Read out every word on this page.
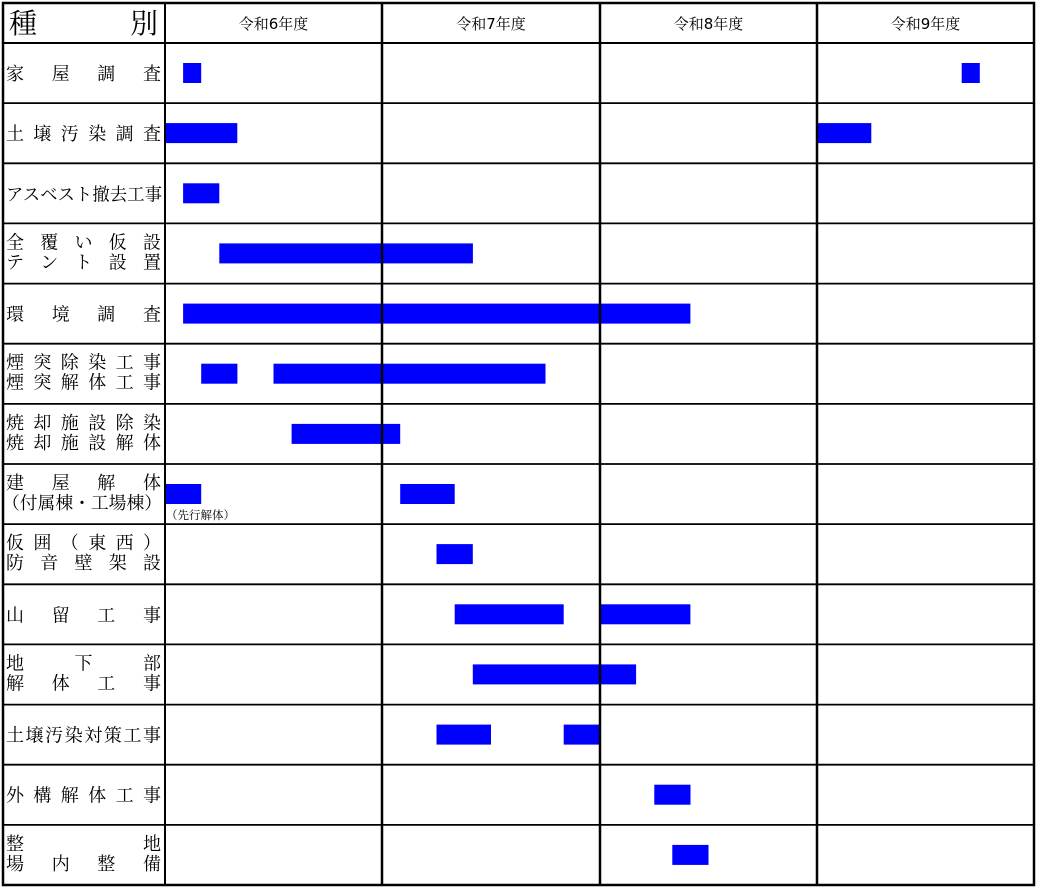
種	別	令和6年度	令和7年度	令和8年度	令和9年度
家 屋 調 査
土 壌 汚 染 調 査
アスベスト撤去工事
全 覆 い 仮 設
テ ン ト 設 置
環 境 調 査
煙 突 除 染 工 事
煙 突 解 体 工 事
焼 却 施 設 除 染
焼 却 施 設 解 体
建 屋 解 体
（付属棟・工場棟）
（先行解体）
仮 囲 （ 東 西 ）
防 音 壁 架 設
山 留 工 事
地	下	部
解 体 工 事
土 壌 汚 染 対 策 工 事
外 構 解 体 工 事
整	地
場 内 整 備
